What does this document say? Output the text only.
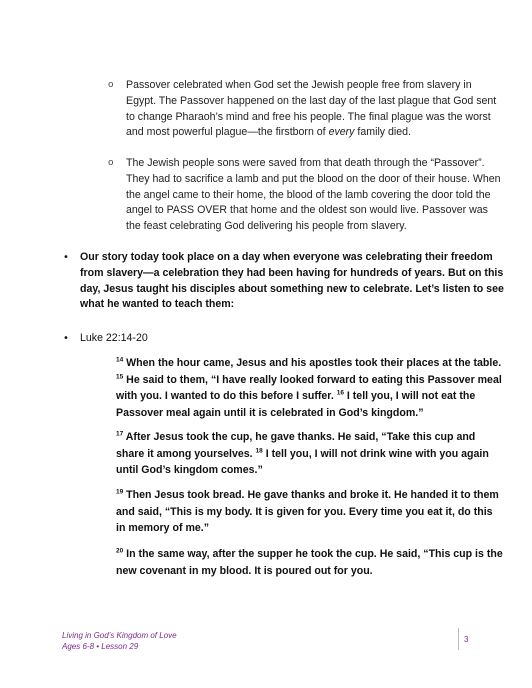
o Passover celebrated when God set the Jewish people free from slavery in Egypt. The Passover happened on the last day of the last plague that God sent to change Pharaoh’s mind and free his people. The final plague was the worst and most powerful plague—the firstborn of every family died.
o The Jewish people sons were saved from that death through the “Passover”. They had to sacrifice a lamb and put the blood on the door of their house. When the angel came to their home, the blood of the lamb covering the door told the angel to PASS OVER that home and the oldest son would live. Passover was the feast celebrating God delivering his people from slavery.
• Our story today took place on a day when everyone was celebrating their freedom from slavery—a celebration they had been having for hundreds of years. But on this day, Jesus taught his disciples about something new to celebrate. Let’s listen to see what he wanted to teach them:
• Luke 22:14-20
$^{14}$ When the hour came, Jesus and his apostles took their places at the table. $^{15}$ He said to them, “I have really looked forward to eating this Passover meal with you. I wanted to do this before I suffer. $^{16}$ I tell you, I will not eat the Passover meal again until it is celebrated in God’s kingdom.”
$^{17}$ After Jesus took the cup, he gave thanks. He said, “Take this cup and share it among yourselves. $^{18}$ I tell you, I will not drink wine with you again until God’s kingdom comes.”
$^{19}$ Then Jesus took bread. He gave thanks and broke it. He handed it to them and said, “This is my body. It is given for you. Every time you eat it, do this in memory of me.”
$^{20}$ In the same way, after the supper he took the cup. He said, “This cup is the new covenant in my blood. It is poured out for you.
Living in God’s Kingdom of Love
Ages 6-8 • Lesson 29
3
